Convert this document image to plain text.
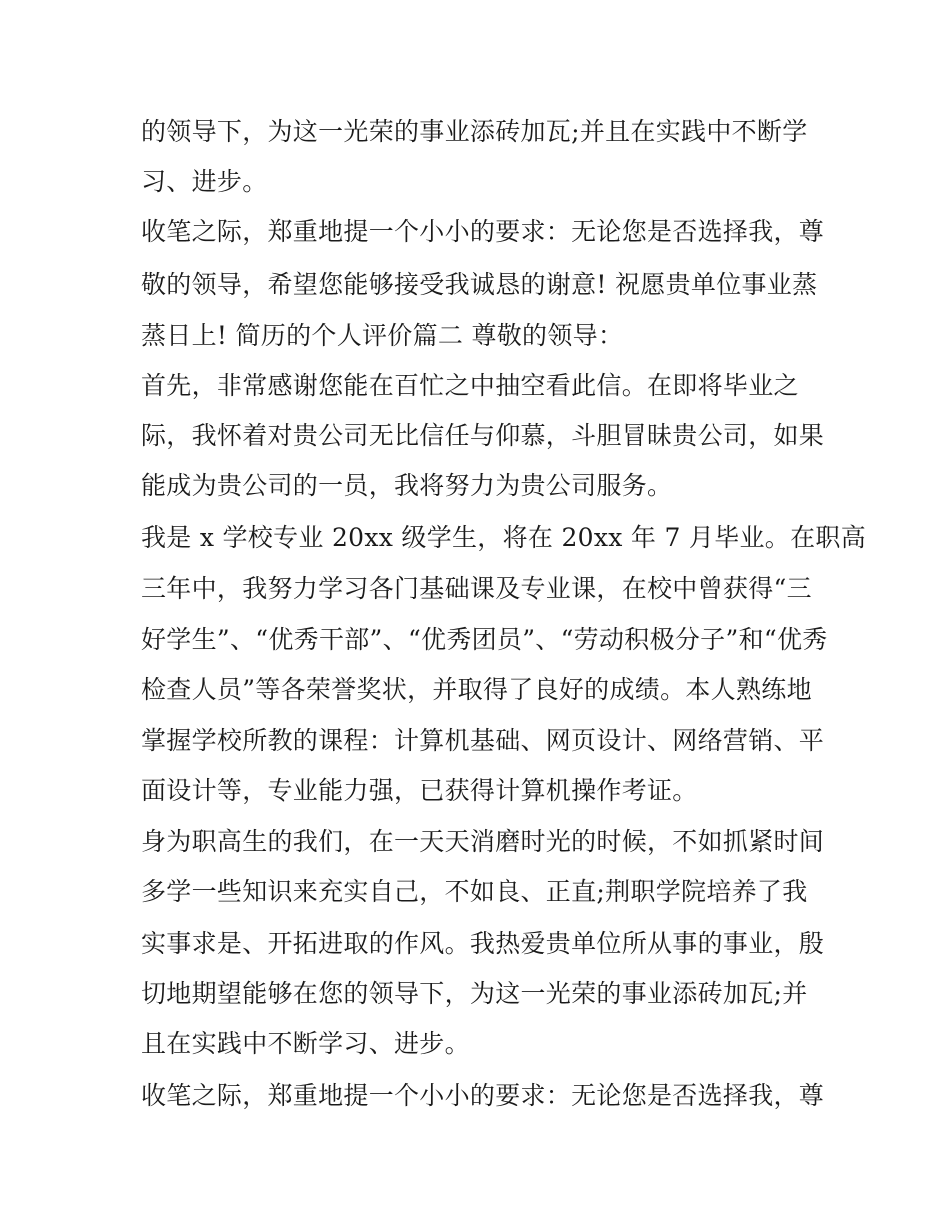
的领导下，为这一光荣的事业添砖加瓦;并且在实践中不断学
习、进步。
收笔之际，郑重地提一个小小的要求：无论您是否选择我，尊
敬的领导，希望您能够接受我诚恳的谢意! 祝愿贵单位事业蒸
蒸日上! 简历的个人评价篇二 尊敬的领导：
首先，非常感谢您能在百忙之中抽空看此信。在即将毕业之
际，我怀着对贵公司无比信任与仰慕，斗胆冒昧贵公司，如果
能成为贵公司的一员，我将努力为贵公司服务。
我是 x 学校专业 20xx 级学生，将在 20xx 年 7 月毕业。在职高
三年中，我努力学习各门基础课及专业课，在校中曾获得“三
好学生”、“优秀干部”、“优秀团员”、“劳动积极分子”和“优秀
检查人员”等各荣誉奖状，并取得了良好的成绩。本人熟练地
掌握学校所教的课程：计算机基础、网页设计、网络营销、平
面设计等，专业能力强，已获得计算机操作考证。
身为职高生的我们，在一天天消磨时光的时候，不如抓紧时间
多学一些知识来充实自己，不如良、正直;荆职学院培养了我
实事求是、开拓进取的作风。我热爱贵单位所从事的事业，殷
切地期望能够在您的领导下，为这一光荣的事业添砖加瓦;并
且在实践中不断学习、进步。
收笔之际，郑重地提一个小小的要求：无论您是否选择我，尊
